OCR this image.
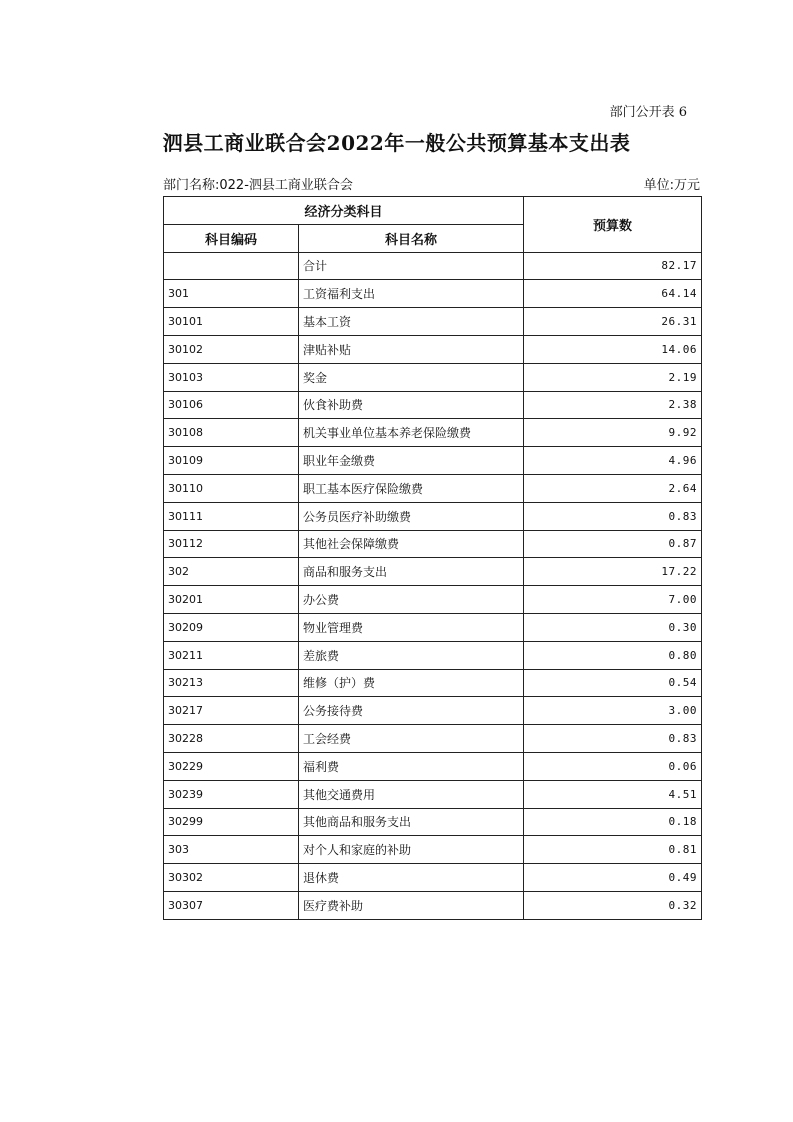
部门公开表 6
泗县工商业联合会2022年一般公共预算基本支出表
部门名称:022-泗县工商业联合会	单位:万元
经济分类科目		预算数
科目编码	科目名称	
	合计	82.17
301	工资福利支出	64.14
30101	基本工资	26.31
30102	津贴补贴	14.06
30103	奖金	2.19
30106	伙食补助费	2.38
30108	机关事业单位基本养老保险缴费	9.92
30109	职业年金缴费	4.96
30110	职工基本医疗保险缴费	2.64
30111	公务员医疗补助缴费	0.83
30112	其他社会保障缴费	0.87
302	商品和服务支出	17.22
30201	办公费	7.00
30209	物业管理费	0.30
30211	差旅费	0.80
30213	维修（护）费	0.54
30217	公务接待费	3.00
30228	工会经费	0.83
30229	福利费	0.06
30239	其他交通费用	4.51
30299	其他商品和服务支出	0.18
303	对个人和家庭的补助	0.81
30302	退休费	0.49
30307	医疗费补助	0.32
